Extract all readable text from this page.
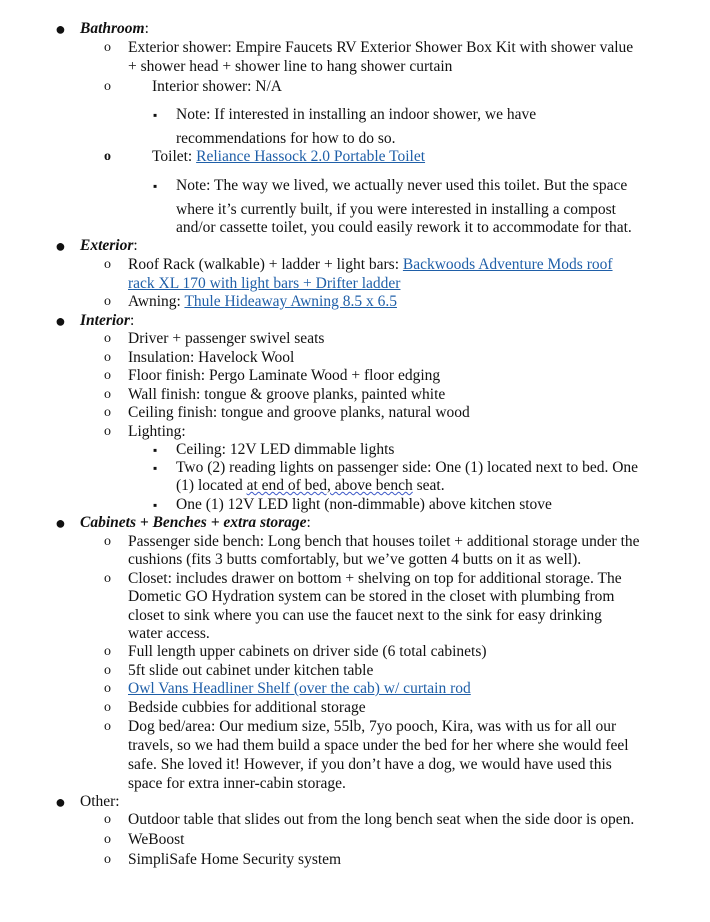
● Bathroom:
o Exterior shower: Empire Faucets RV Exterior Shower Box Kit with shower value
+ shower head + shower line to hang shower curtain
o	Interior shower: N/A
▪ Note: If interested in installing an indoor shower, we have
recommendations for how to do so.
o	Toilet: Reliance Hassock 2.0 Portable Toilet
▪ Note: The way we lived, we actually never used this toilet. But the space
where it’s currently built, if you were interested in installing a compost
and/or cassette toilet, you could easily rework it to accommodate for that.
● Exterior:
o Roof Rack (walkable) + ladder + light bars: Backwoods Adventure Mods roof
rack XL 170 with light bars + Drifter ladder
o Awning: Thule Hideaway Awning 8.5 x 6.5
● Interior:
o Driver + passenger swivel seats
o Insulation: Havelock Wool
o Floor finish: Pergo Laminate Wood + floor edging
o Wall finish: tongue & groove planks, painted white
o Ceiling finish: tongue and groove planks, natural wood
o Lighting:
▪ Ceiling: 12V LED dimmable lights
▪ Two (2) reading lights on passenger side: One (1) located next to bed. One
(1) located at end of bed, above bench seat.
▪ One (1) 12V LED light (non-dimmable) above kitchen stove
● Cabinets + Benches + extra storage:
o Passenger side bench: Long bench that houses toilet + additional storage under the
cushions (fits 3 butts comfortably, but we’ve gotten 4 butts on it as well).
o Closet: includes drawer on bottom + shelving on top for additional storage. The
Dometic GO Hydration system can be stored in the closet with plumbing from
closet to sink where you can use the faucet next to the sink for easy drinking
water access.
o Full length upper cabinets on driver side (6 total cabinets)
o 5ft slide out cabinet under kitchen table
o Owl Vans Headliner Shelf (over the cab) w/ curtain rod
o Bedside cubbies for additional storage
o Dog bed/area: Our medium size, 55lb, 7yo pooch, Kira, was with us for all our
travels, so we had them build a space under the bed for her where she would feel
safe. She loved it! However, if you don’t have a dog, we would have used this
space for extra inner-cabin storage.
● Other:
o Outdoor table that slides out from the long bench seat when the side door is open.
o WeBoost
o SimpliSafe Home Security system
